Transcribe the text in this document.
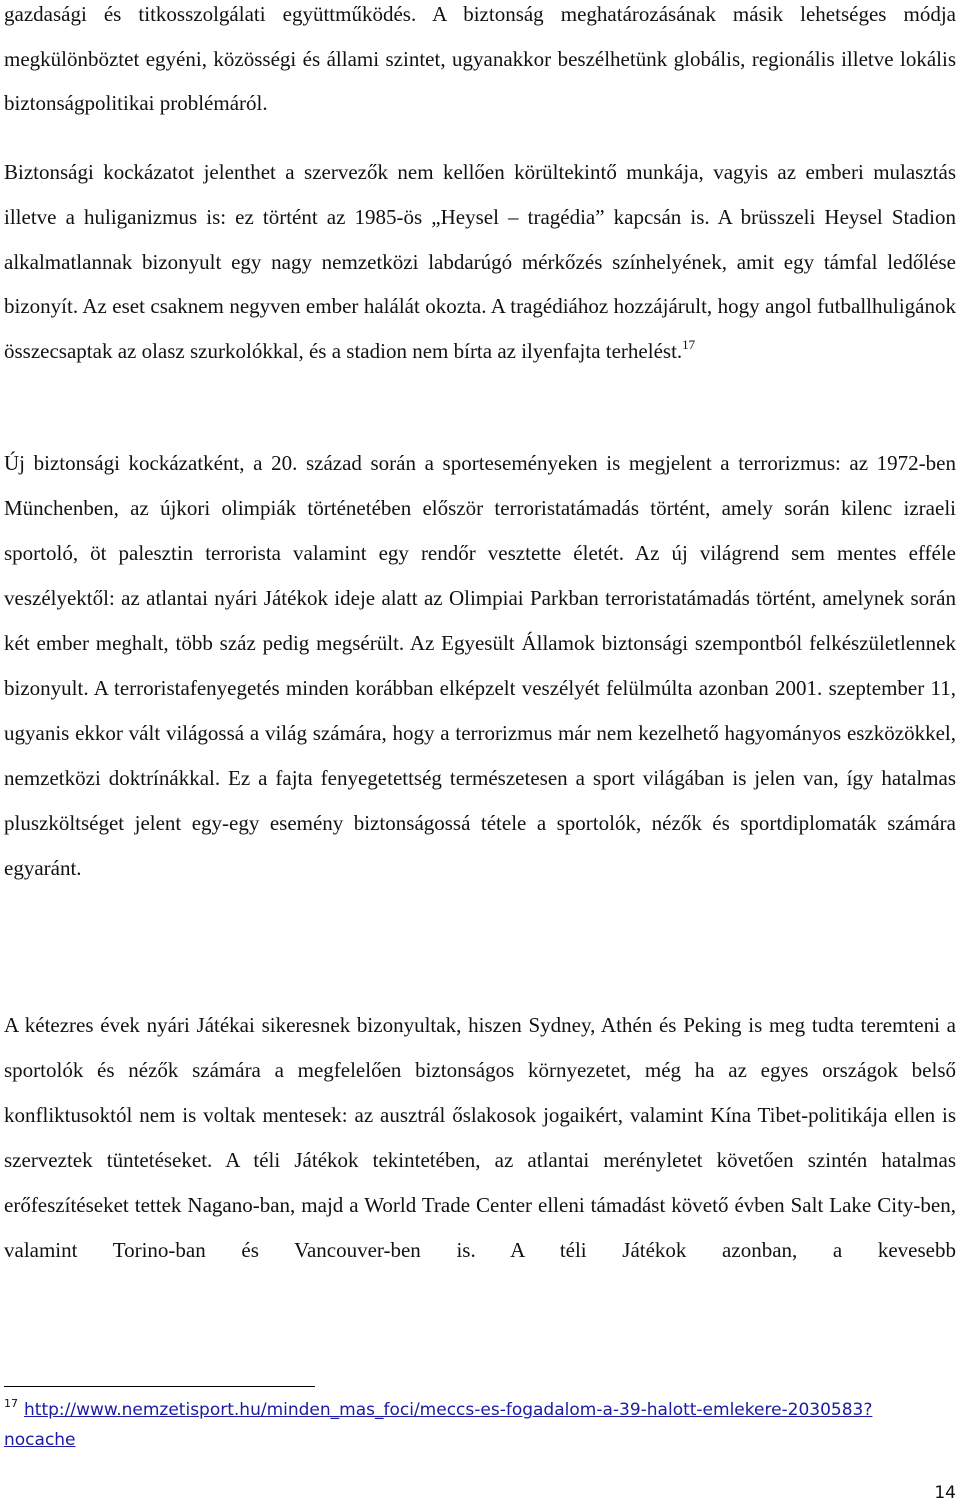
gazdasági és titkosszolgálati együttműködés. A biztonság meghatározásának másik lehetséges módja megkülönböztet egyéni, közösségi és állami szintet, ugyanakkor beszélhetünk globális, regionális illetve lokális biztonságpolitikai problémáról.

Biztonsági kockázatot jelenthet a szervezők nem kellően körültekintő munkája, vagyis az emberi mulasztás illetve a huliganizmus is: ez történt az 1985-ös „Heysel – tragédia” kapcsán is. A brüsszeli Heysel Stadion alkalmatlannak bizonyult egy nagy nemzetközi labdarúgó mérkőzés színhelyének, amit egy támfal ledőlése bizonyít. Az eset csaknem negyven ember halálát okozta. A tragédiához hozzájárult, hogy angol futballhuligánok összecsaptak az olasz szurkolókkal, és a stadion nem bírta az ilyenfajta terhelést.$^{17}$

Új biztonsági kockázatként, a 20. század során a sporteseményeken is megjelent a terrorizmus: az 1972-ben Münchenben, az újkori olimpiák történetében először terroristatámadás történt, amely során kilenc izraeli sportoló, öt palesztin terrorista valamint egy rendőr vesztette életét. Az új világrend sem mentes efféle veszélyektől: az atlantai nyári Játékok ideje alatt az Olimpiai Parkban terroristatámadás történt, amelynek során két ember meghalt, több száz pedig megsérült. Az Egyesült Államok biztonsági szempontból felkészületlennek bizonyult. A terroristafenyegetés minden korábban elképzelt veszélyét felülmúlta azonban 2001. szeptember 11, ugyanis ekkor vált világossá a világ számára, hogy a terrorizmus már nem kezelhető hagyományos eszközökkel, nemzetközi doktrínákkal. Ez a fajta fenyegetettség természetesen a sport világában is jelen van, így hatalmas pluszköltséget jelent egy-egy esemény biztonságossá tétele a sportolók, nézők és sportdiplomaták számára egyaránt.

A kétezres évek nyári Játékai sikeresnek bizonyultak, hiszen Sydney, Athén és Peking is meg tudta teremteni a sportolók és nézők számára a megfelelően biztonságos környezetet, még ha az egyes országok belső konfliktusoktól nem is voltak mentesek: az ausztrál őslakosok jogaikért, valamint Kína Tibet-politikája ellen is szerveztek tüntetéseket. A téli Játékok tekintetében, az atlantai merényletet követően szintén hatalmas erőfeszítéseket tettek Nagano-ban, majd a World Trade Center elleni támadást követő évben Salt Lake City-ben, valamint Torino-ban és Vancouver-ben is. A téli Játékok azonban, a kevesebb

$^{17}$ http://www.nemzetisport.hu/minden_mas_foci/meccs-es-fogadalom-a-39-halott-emlekere-2030583?nocache
14
